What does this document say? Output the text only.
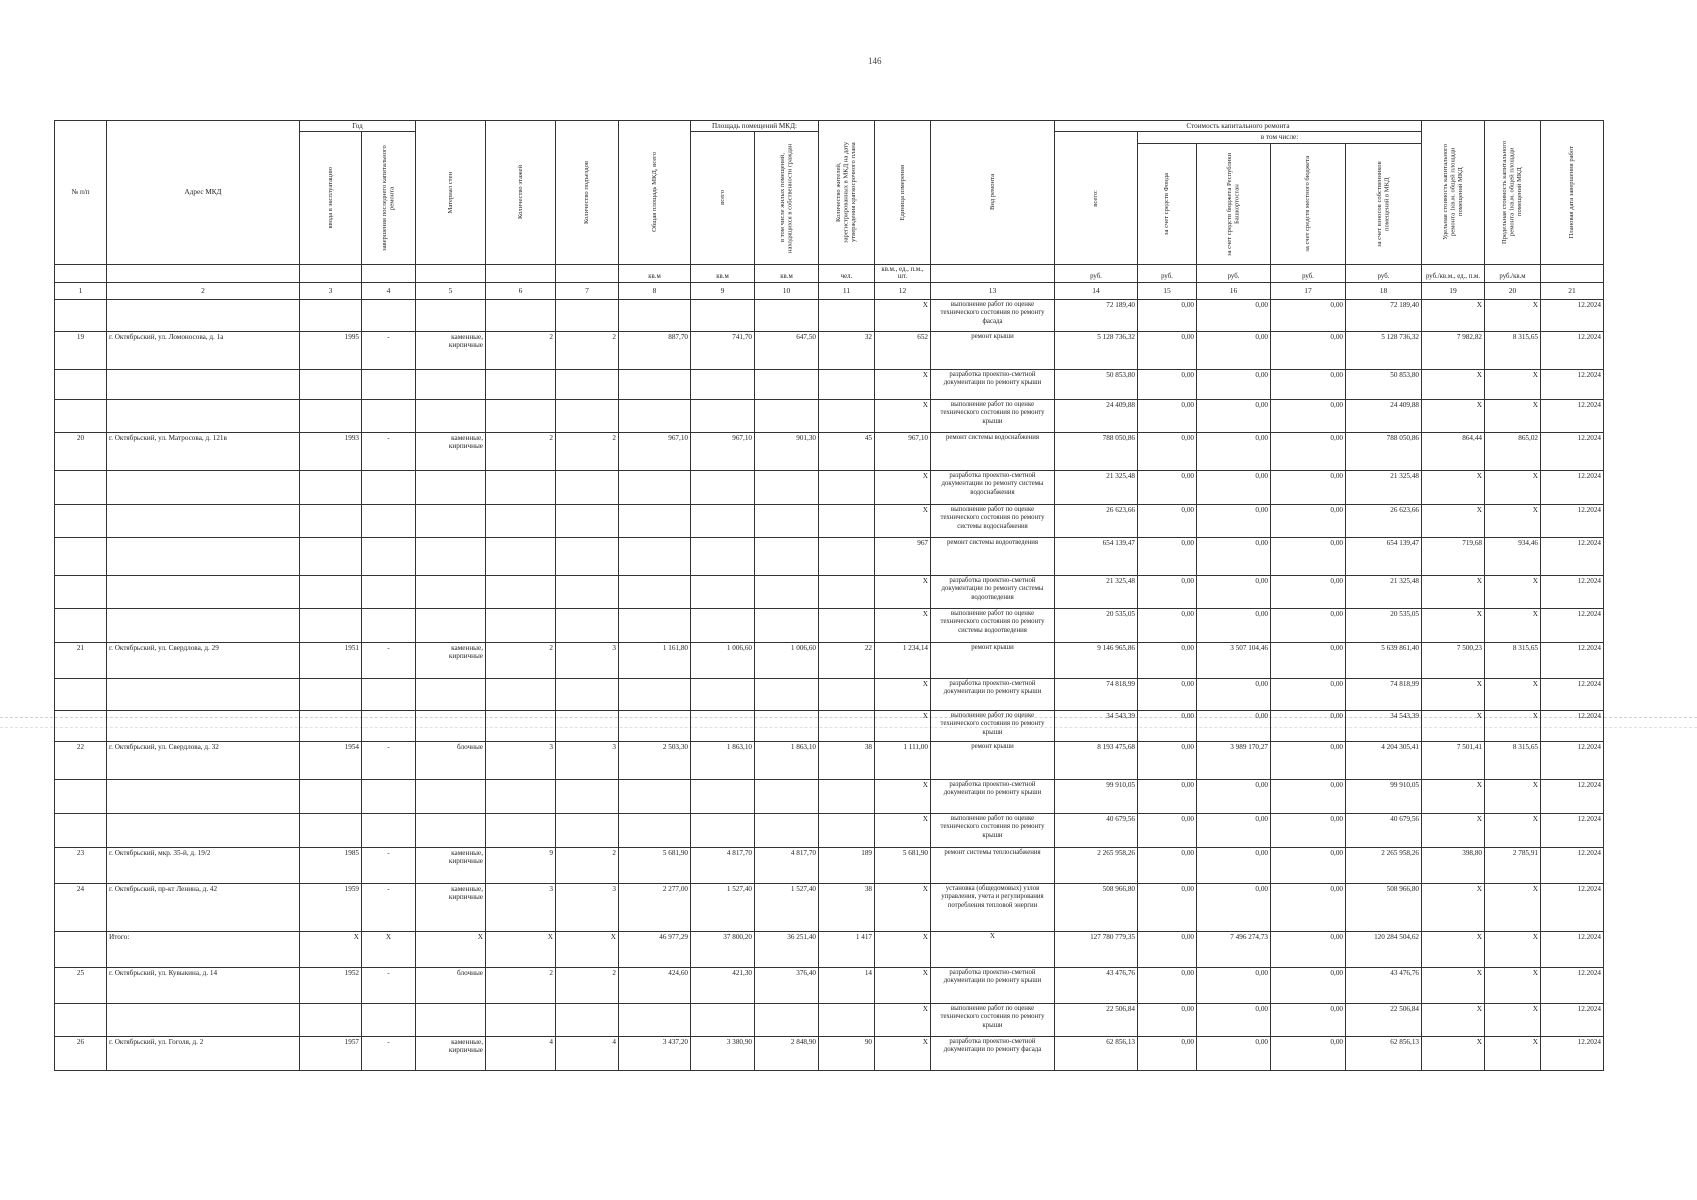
146
№ п/п	Адрес МКД	Год		Материал стен	Количество этажей	Количество подъездов	Общая площадь МКД, всего	Площадь помещений МКД:		Количество жителей, зарегистрированных в МКД на дату утверждения краткосрочного плана	Единица измерения	Вид ремонта	Стоимость капитального ремонта					Удельная стоимость капитального ремонта 1кв.м. общей площади помещений МКД	Предельная стоимость капитального ремонта 1кв.м. общей площади помещений МКД	Плановая дата завершения работ

		ввода в эксплуатацию	завершения последнего капитального ремонта					всего	в том числе жилых помещений, находящихся в собственности граждан				всего:	в том числе:						

														за счет средств Фонда	за счет средств бюджета Республики Башкортостан	за счет средств местного бюджета	за счет взносов собственников помещений в МКД			

							кв.м	кв.м	кв.м	чел.	кв.м., ед., п.м., шт.		руб.	руб.	руб.	руб.	руб.	руб./кв.м., ед., п.м.	руб./кв.м	
1	2	3	4	5	6	7	8	9	10	11	12	13	14	15	16	17	18	19	20	21
											X	выполнение работ по оценке технического состояния по ремонту фасада	72 189,40	0,00	0,00	0,00	72 189,40	X	X	12.2024
19	г. Октябрьский, ул. Ломоносова, д. 1а	1995	-	каменные, кирпичные	2	2	887,70	741,70	647,50	32	652	ремонт крыши	5 128 736,32	0,00	0,00	0,00	5 128 736,32	7 982,82	8 315,65	12.2024
											X	разработка проектно-сметной документации по ремонту крыши	50 853,80	0,00	0,00	0,00	50 853,80	X	X	12.2024
											X	выполнение работ по оценке технического состояния по ремонту крыши	24 409,88	0,00	0,00	0,00	24 409,88	X	X	12.2024
20	г. Октябрьский, ул. Матросова, д. 121в	1993	-	каменные, кирпичные	2	2	967,10	967,10	901,30	45	967,10	ремонт системы водоснабжения	788 050,86	0,00	0,00	0,00	788 050,86	864,44	865,02	12.2024
											X	разработка проектно-сметной документации по ремонту системы водоснабжения	21 325,48	0,00	0,00	0,00	21 325,48	X	X	12.2024
											X	выполнение работ по оценке технического состояния по ремонту системы водоснабжения	26 623,66	0,00	0,00	0,00	26 623,66	X	X	12.2024
											967	ремонт системы водоотведения	654 139,47	0,00	0,00	0,00	654 139,47	719,68	934,46	12.2024
											X	разработка проектно-сметной документации по ремонту системы водоотведения	21 325,48	0,00	0,00	0,00	21 325,48	X	X	12.2024
											X	выполнение работ по оценке технического состояния по ремонту системы водоотведения	20 535,05	0,00	0,00	0,00	20 535,05	X	X	12.2024
21	г. Октябрьский, ул. Свердлова, д. 29	1951	-	каменные, кирпичные	2	3	1 161,80	1 006,60	1 006,60	22	1 234,14	ремонт крыши	9 146 965,86	0,00	3 507 104,46	0,00	5 639 861,40	7 500,23	8 315,65	12.2024
											X	разработка проектно-сметной документации по ремонту крыши	74 818,99	0,00	0,00	0,00	74 818,99	X	X	12.2024
											X	выполнение работ по оценке технического состояния по ремонту крыши	34 543,39	0,00	0,00	0,00	34 543,39	X	X	12.2024
22	г. Октябрьский, ул. Свердлова, д. 32	1954	-	блочные	3	3	2 503,30	1 863,10	1 863,10	38	1 111,00	ремонт крыши	8 193 475,68	0,00	3 989 170,27	0,00	4 204 305,41	7 501,41	8 315,65	12.2024
											X	разработка проектно-сметной документации по ремонту крыши	99 910,05	0,00	0,00	0,00	99 910,05	X	X	12.2024
											X	выполнение работ по оценке технического состояния по ремонту крыши	40 679,56	0,00	0,00	0,00	40 679,56	X	X	12.2024
23	г. Октябрьский, мкр. 35-й, д. 19/2	1985	-	каменные, кирпичные	9	2	5 681,90	4 817,70	4 817,70	189	5 681,90	ремонт системы теплоснабжения	2 265 958,26	0,00	0,00	0,00	2 265 958,26	398,80	2 785,91	12.2024
24	г. Октябрьский, пр-кт Ленина, д. 42	1959	-	каменные, кирпичные	3	3	2 277,00	1 527,40	1 527,40	38	X	установка (общедомовых) узлов управления, учета и регулирования потребления тепловой энергии	508 966,80	0,00	0,00	0,00	508 966,80	X	X	12.2024
	Итого:	X	X	X	X	X	46 977,29	37 800,20	36 251,40	1 417	X	X	127 780 779,35	0,00	7 496 274,73	0,00	120 284 504,62	X	X	12.2024
25	г. Октябрьский, ул. Кувыкина, д. 14	1952	-	блочные	2	2	424,60	421,30	376,40	14	X	разработка проектно-сметной документации по ремонту крыши	43 476,76	0,00	0,00	0,00	43 476,76	X	X	12.2024
											X	выполнение работ по оценке технического состояния по ремонту крыши	22 506,84	0,00	0,00	0,00	22 506,84	X	X	12.2024
26	г. Октябрьский, ул. Гоголя, д. 2	1957	-	каменные, кирпичные	4	4	3 437,20	3 380,90	2 848,90	90	X	разработка проектно-сметной документации по ремонту фасада	62 856,13	0,00	0,00	0,00	62 856,13	X	X	12.2024
